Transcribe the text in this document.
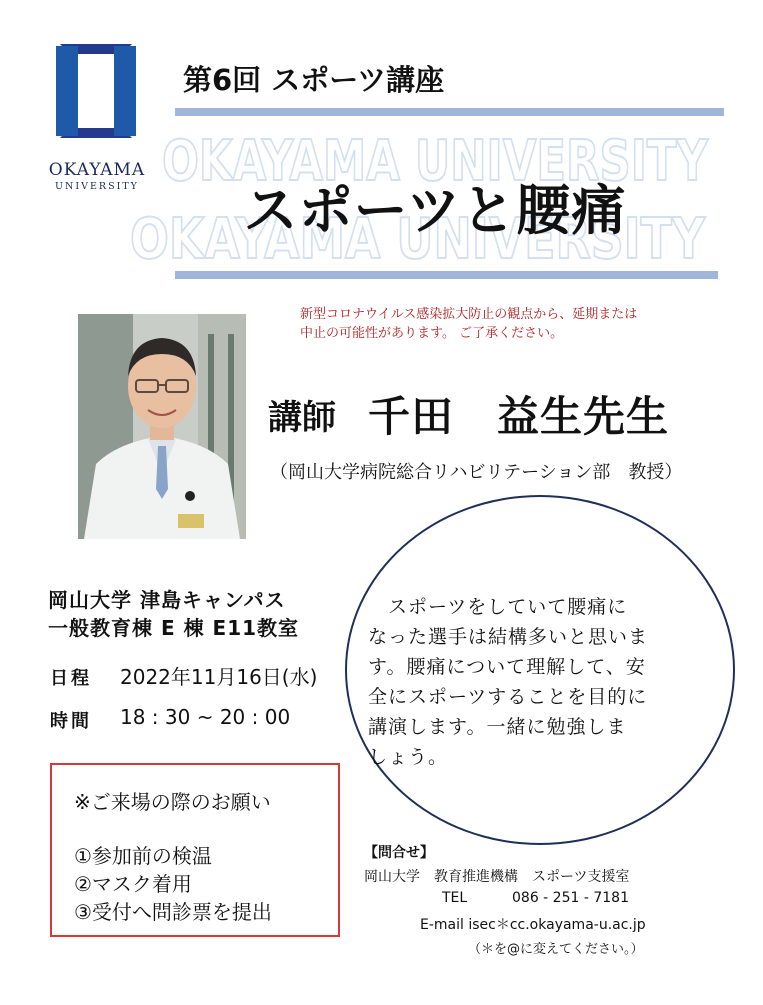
OKAYAMA
UNIVERSITY
第6回 スポーツ講座
OKAYAMA UNIVERSITY
OKAYAMA UNIVERSITY
スポーツと腰痛
新型コロナウイルス感染拡大防止の観点から、延期または
中止の可能性があります。 ご了承ください。
講師 千田　益生先生
（岡山大学病院総合リハビリテーション部　教授）
岡山大学 津島キャンパス
一般教育棟 E 棟 E11教室
日程 2022年11月16日(水)
時間 18 : 30 ~ 20 : 00
　スポーツをしていて腰痛に
なった選手は結構多いと思いま
す。腰痛について理解して、安
全にスポーツすることを目的に
講演します。一緒に勉強しま
しょう。
※ご来場の際のお願い
①参加前の検温
②マスク着用
③受付へ問診票を提出
【問合せ】
岡山大学　教育推進機構　スポーツ支援室
TEL	086 - 251 - 7181
E-mail isec＊cc.okayama-u.ac.jp
（＊を@に変えてください。）
